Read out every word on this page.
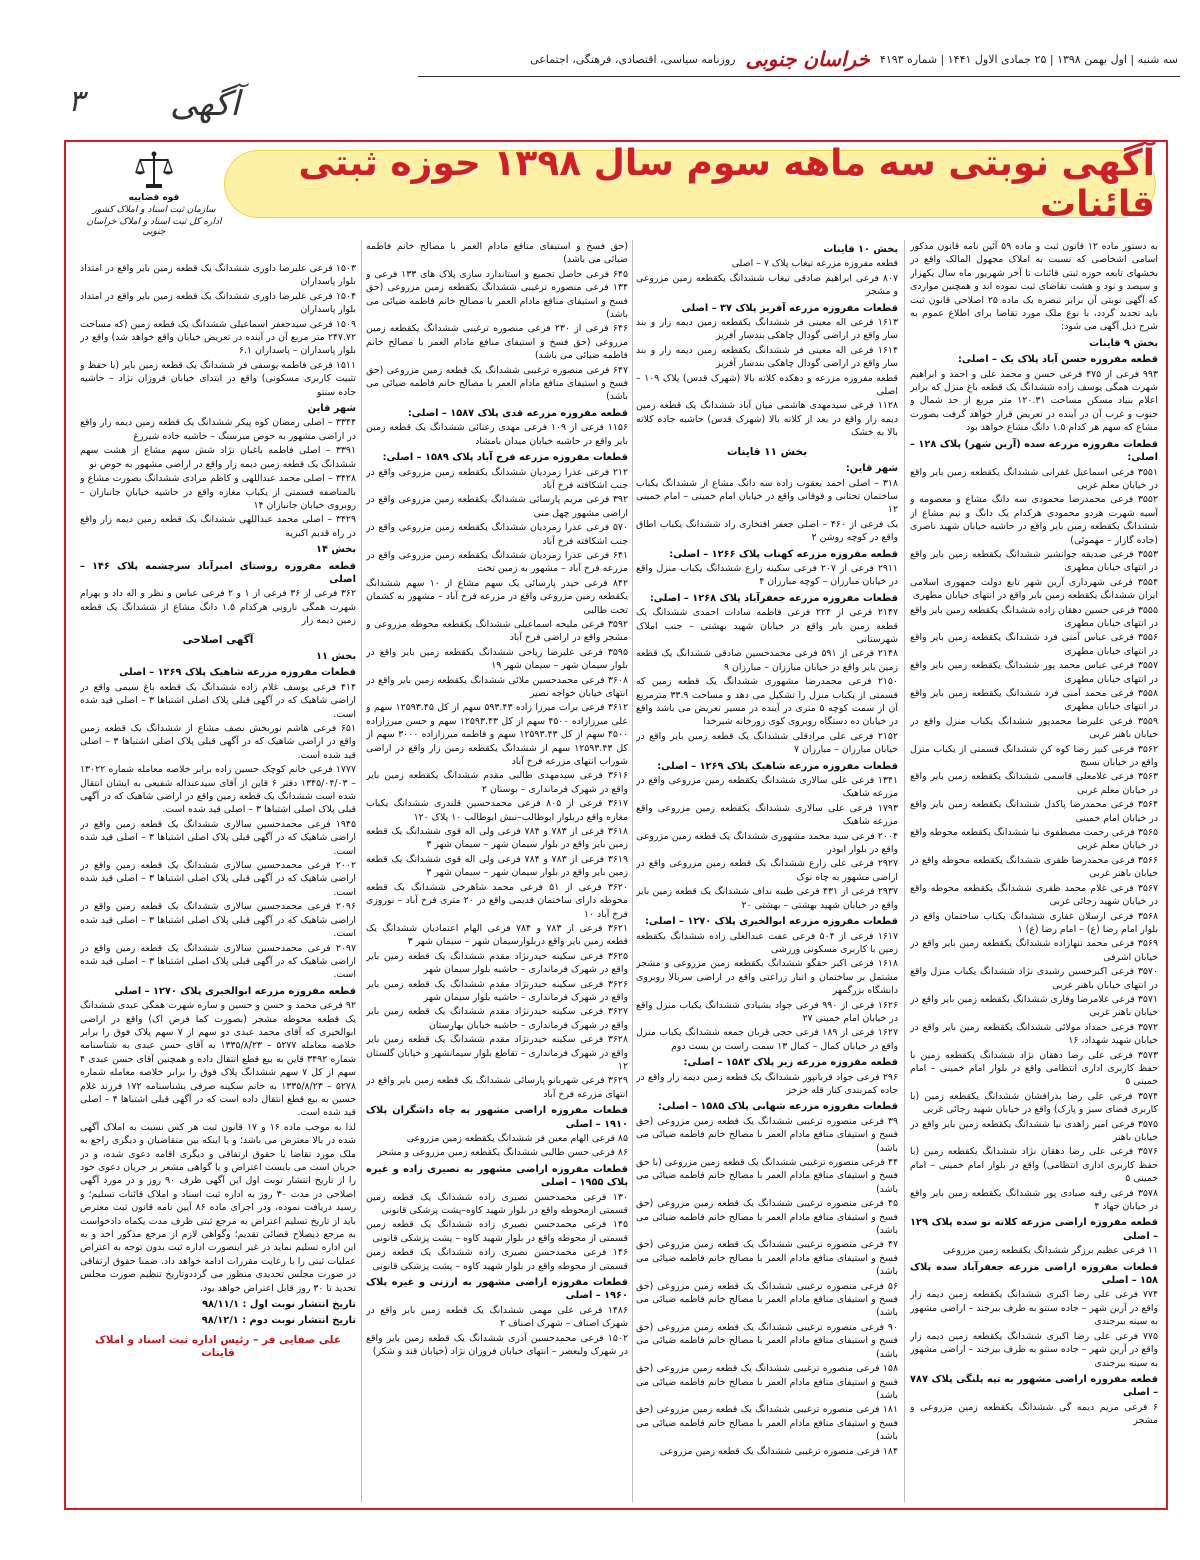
سه شنبه | اول بهمن ۱۳۹۸ | ۲۵ جمادی الاول ۱۴۴۱ | شماره ۴۱۹۳
خراسان جنوبی
روزنامه سیاسی، اقتصادی، فرهنگی، اجتماعی
۳	آگهی
آگهی نوبتی سه ماهه سوم سال ۱۳۹۸ حوزه ثبتی قائنات
قوه قضاییه
سازمان ثبت اسناد و املاک کشور
اداره کل ثبت اسناد و املاک خراسان جنوبی
به دستور ماده ۱۲ قانون ثبت و ماده ۵۹ آئین نامه قانون مذکور اسامی اشخاصی که نسبت به املاک مجهول المالک واقع در بخشهای تابعه حوزه ثبتی قائنات تا آخر شهریور ماه سال یکهزار و سیصد و نود و هشت تقاضای ثبت نموده اند و همچنین مواردی که آگهی نوبتی آن برابر تبصره یک ماده ۲۵ اصلاحی قانون ثبت باید تجدید گردد، با نوع ملک مورد تقاضا برای اطلاع عموم به شرح ذیل آگهی می شود:
بخش ۹ قاینات
قطعه مفروزه حسن آباد پلاک یک – اصلی:
۹۹۳ فرعی از ۴۷۵ فرعی حسن و محمد علی و احمد و ابراهیم شهرت همگی یوسف زاده ششدانگ یک قطعه باغ منزل که برابر اعلام بنیاد مسکن مساحت ۱۲۰.۳۱ متر مربع از حد شمال و جنوب و غرب آن در آینده در تعریض قرار خواهد گرفت بصورت مشاع که سهم هر کدام ۱.۵ دانگ مشاع خواهد بود
قطعات مفروزه مزرعه سده (آرین شهر) پلاک ۱۲۸ – اصلی:
۳۵۵۱ فرعی اسماعیل غفرانی ششدانگ یکقطعه زمین بایر واقع در خیابان معلم غربی
۳۵۵۲ فرعی محمدرضا محمودی سه دانگ مشاع و معصومه و آسیه شهرت هردو محمودی هرکدام یک دانگ و نیم مشاع از ششدانگ یکقطعه زمین بایر واقع در حاشیه خیابان شهید ناصری (جاده گازار – مهموئی)
۳۵۵۳ فرعی صدیقه جوانشیر ششدانگ یکقطعه زمین بایر واقع در انتهای خیابان مطهری
۳۵۵۴ فرعی شهرداری آرین شهر تابع دولت جمهوری اسلامی ایران ششدانگ یکقطعه زمین بایر واقع در انتهای خیابان مطهری
۳۵۵۵ فرعی حسین دهقان زاده ششدانگ یکقطعه زمین بایر واقع در انتهای خیابان مطهری
۳۵۵۶ فرعی عباس آمنی فرد ششدانگ یکقطعه زمین بایر واقع در انتهای خیابان مطهری
۳۵۵۷ فرعی عباس محمد پور ششدانگ یکقطعه زمین بایر واقع در انتهای خیابان مطهری
۳۵۵۸ فرعی محمد آمنی فرد ششدانگ یکقطعه زمین بایر واقع در انتهای خیابان مطهری
۳۵۵۹ فرعی علیرضا محمدپور ششدانگ یکباب منزل واقع در خیابان باهنر غربی
۳۵۶۲ فرعی کنیز رضا کوه کن ششدانگ قسمتی از یکباب منزل واقع در خیابان بسیج
۳۵۶۳ فرعی غلامعلی قاسمی ششدانگ یکقطعه زمین بایر واقع در خیابان معلم غربی
۳۵۶۴ فرعی محمدرضا پاکدل ششدانگ یکقطعه زمین بایر واقع در خیابان امام خمینی
۳۵۶۵ فرعی رحمت مصطفوی نیا ششدانگ یکقطعه محوطه واقع در خیابان معلم غربی
۳۵۶۶ فرعی محمدرضا ظفری ششدانگ یکقطعه محوطه واقع در خیابان باهنر غربی
۳۵۶۷ فرعی غلام محمد ظفری ششدانگ یکقطعه محوطه واقع در خیابان شهید رجائی غربی
۳۵۶۸ فرعی ارسلان غفاری ششدانگ یکباب ساختمان واقع در بلوار امام رضا (ع) – امام رضا (ع) ۱
۳۵۶۹ فرعی محمد تنهازاده ششدانگ یکقطعه زمین بایر واقع در خیابان اشرفی
۳۵۷۰ فرعی اکبرحسین رشیدی نژاد ششدانگ یکباب منزل واقع در انتهای خیابان باهنر غربی
۳۵۷۱ فرعی غلامرضا وفاری ششدانگ یکقطعه زمین بایر واقع در خیابان باهنر غربی
۳۵۷۲ فرعی حمداد مولائی ششدانگ یکقطعه زمین بایر واقع در خیابان شهید شهداد، ۱۶
۳۵۷۳ فرعی علی رضا دهقان نژاد ششدانگ یکقطعه زمین با حفظ کاربری اداری انتظامی واقع در بلوار امام خمینی – امام خمینی ۵
۳۵۷۴ فرعی علی رضا بذرافشان ششدانگ یکقطعه زمین (با کاربری فضای سبز و پارک) واقع در خیابان شهید رجائی غربی
۳۵۷۵ فرعی امیر زاهدی نیا ششدانگ یکقطعه زمین بایر واقع در خیابان باهنر
۳۵۷۶ فرعی علی رضا دهقان نژاد ششدانگ یکقطعه زمین (با حفظ کاربری اداری انتظامی) واقع در بلوار امام خمینی – امام خمینی ۵
۳۵۷۸ فرعی رقیه صیادی پور ششدانگ یکقطعه زمین بایر واقع در خیابان جهاد ۴
قطعه مفروزه اراضی مزرعه کلاته نو سده پلاک ۱۲۹ – اصلی
۱۱ فرعی عظیم برزگر ششدانگ یکقطعه زمین مزروعی
قطعات مفروزه اراضی مزرعه جعفرآباد سده پلاک ۱۵۸ – اصلی
۷۷۴ فرعی علی رضا اکبری ششدانگ یکقطعه زمین دیمه زار واقع در آرین شهر – جاده سنتو به طرف بیرجند – اراضی مشهور به سینه بیرجندی
۷۷۵ فرعی علی رضا اکبری ششدانگ یکقطعه زمین دیمه زار واقع در آرین شهر – جاده سنتو به طرف بیرجند – اراضی مشهور به سینه بیرجندی
قطعه مفروزه اراضی مشهور به تپه پلنگی پلاک ۷۸۷ – اصلی
۶ فرعی مریم دیمه گی ششدانگ یکقطعه زمین مزروعی و مشجر
بخش ۱۰ قاینات
قطعه مفروزه مزرعه تیغاب پلاک ۷ – اصلی
۸۰۷ فرعی ابراهیم صادقی تیغاب ششدانگ یکقطعه زمین مزروعی و مشجر
قطعات مفروزه مزرعه آفریز پلاک ۳۷ – اصلی
۱۶۱۳ فرعی اله معینی فر ششدانگ یکقطعه زمین دیمه زار و بند سار واقع در اراضی گودال چاهکی بندسار آفریز
۱۶۱۴ فرعی اله معینی فر ششدانگ یکقطعه زمین دیمه زار و بند سار واقع در اراضی گودال چاهکی بندسار آفریز
قطعه مفروزه مزرعه و دهکده کلاته بالا (شهرک قدس) پلاک ۱۰۹ – اصلی
۱۱۲۸ فرعی سیدمهدی هاشمی میان آباد ششدانگ یک قطعه زمین دیمه زار واقع در بعد از کلاته بالا (شهرک قدس) حاشیه جاده کلاته بالا به خشک
بخش ۱۱ قاینات
شهر قاین:
۳۱۸ – اصلی احمد یعقوب زاده سه دانگ مشاع از ششدانگ یکباب ساختمان تحتانی و فوقانی واقع در خیابان امام خمینی – امام خمینی ۱۲
یک فرعی از ۴۶۰ – اصلی جعفر افتخاری راد ششدانگ یکباب اطاق واقع در کوچه روشن ۲
قطعه مفروزه مزرعه کهناب پلاک ۱۲۶۶ – اصلی:
۲۹۱۱ فرعی از ۲۰۷ فرعی سکینه زارع ششدانگ یکباب منزل واقع در خیابان مبارزان – کوچه مبارزان ۴
قطعات مفروزه مزرعه جعفرآباد پلاک ۱۲۶۸ – اصلی:
۲۱۴۷ فرعی از ۲۲۴ فرعی فاطمه سادات احمدی ششدانگ یک قطعه زمین بایر واقع در خیابان شهید بهشتی – جنب املاک شهرستانی
۲۱۴۸ فرعی از ۵۹۱ فرعی محمدحسین صادقی ششدانگ یک قطعه زمین بایر واقع در خیابان مبارزان – مبارزان ۹
۲۱۵۰ فرعی محمدرضا مشهوری ششدانگ یک قطعه زمین که قسمتی از یکباب منزل را تشکیل می دهد و مساحت ۳۳.۹ مترمربع آن از سمت کوچه ۵ متری در آینده در مسیر تعریض می باشد واقع در خیابان ده دستگاه روبروی کوی زورخانه شیرخدا
۲۱۵۲ فرعی علی مرادقلی ششدانگ یک قطعه زمین بایر واقع در خیابان مبارزان – مبارزان ۷
قطعات مفروزه مزرعه شاهیک پلاک ۱۲۶۹ – اصلی:
۱۳۴۱ فرعی علی سالاری ششدانگ یکقطعه زمین مزروعی واقع در مزرعه شاهیک
۱۷۹۳ فرعی علی سالاری ششدانگ یکقطعه زمین مزروعی واقع مزرعه شاهیک
۲۰۰۴ فرعی سید محمد مشهوری ششدانگ یک قطعه زمین مزروعی واقع در بلوار ابوذر
۲۹۲۷ فرعی علی زارع ششدانگ یک قطعه زمین مزروعی واقع در اراضی مشهور به چاه نوک
۲۹۳۷ فرعی از ۴۳۱ فرعی طیبه نداف ششدانگ یک قطعه زمین بایر واقع در خیابان شهید بهشتی – بهشتی ۲۰
قطعات مفروزه مزرعه ابوالخیری پلاک ۱۲۷۰ – اصلی:
۱۶۱۷ فرعی از ۵۰۴ فرعی عفت عبدالعلی زاده ششدانگ یکقطعه زمین با کاربری مسکونی ورزشی
۱۶۱۸ فرعی اکبر حقگو ششدانگ یکقطعه زمین مزروعی و مشجر مشتمل بر ساختمان و انبار زراعتی واقع در اراضی سربالا روبروی دانشگاه بزرگمهر
۱۶۲۶ فرعی از ۹۹۰ فرعی جواد بشیادی ششدانگ یکباب منزل واقع در خیابان امام خمینی ۲۷
۱۶۲۷ فرعی از ۱۸۹ فرعی حجی قربان جمعه ششدانگ یکباب منزل واقع در خیابان کمال – کمال ۱۳ سمت راست بن بست دوم
قطعه مفروزه مزرعه زیر پلاک ۱۵۸۳ – اصلی:
۲۹۶ فرعی جواد قربانپور ششدانگ یک قطعه زمین دیمه زار واقع در جاده کمربندی کنار قله خزخز
قطعات مفروزه مزرعه شهابی پلاک ۱۵۸۵ – اصلی:
۳۹ فرعی منصوره ترغیبی ششدانگ یک قطعه زمین مزروعی (حق فسخ و استیفای منافع مادام العمر با مصالح خانم فاطمه ضیائی می باشد)
۴۴ فرعی منصوره ترغیبی ششدانگ یک قطعه زمین مزروعی (با حق فسخ و استیفای منافع مادام العمر با مصالح خانم فاطمه ضیائی می باشد)
۴۵ فرعی منصوره ترغیبی ششدانگ یک قطعه زمین مزروعی (حق فسخ و استیفای منافع مادام العمر با مصالح خانم فاطمه ضیائی می باشد)
۴۷ فرعی منصوره ترغیبی ششدانگ یک قطعه زمین مزروعی (حق فسخ و استیفای منافع مادام العمر با مصالح خانم فاطمه ضیائی می باشد)
۵۶ فرعی منصوره ترغیبی ششدانگ یک قطعه زمین مزروعی (حق فسخ و استیفای منافع مادام العمر با مصالح خانم فاطمه ضیائی می باشد)
۹۰ فرعی منصوره ترغیبی ششدانگ یک قطعه زمین مزروعی (حق فسخ و استیفای منافع مادام العمر با مصالح خانم فاطمه ضیائی می باشد)
۱۵۸ فرعی منصوره ترغیبی ششدانگ یک قطعه زمین مزروعی (حق فسخ و استیفای منافع مادام العمر با مصالح خانم فاطمه ضیائی می باشد)
۱۸۱ فرعی منصوره ترغیبی ششدانگ یک قطعه زمین مزروعی (حق فسخ و استیفای منافع مادام العمر با مصالح خانم فاطمه ضیائی می باشد)
۱۸۴ فرعی منصوره ترغیبی ششدانگ یک قطعه زمین مزروعی
(حق فسخ و استیفای منافع مادام العمر با مصالح خانم فاطمه ضیائی می باشد)
۶۴۵ فرعی حاصل تجمیع و استاندارد سازی پلاک های ۱۳۳ فرعی و ۱۳۴ فرعی منصوره ترغیبی ششدانگ یکقطعه زمین مزروعی (حق فسخ و استیفای منافع مادام العمر با مصالح خانم فاطمه ضیائی می باشد)
۶۴۶ فرعی از ۲۳۰ فرعی منصوره ترغیبی ششدانگ یکقطعه زمین مزروعی (حق فسخ و استیفای منافع مادام العمر با مصالح خانم فاطمه ضیائی می باشد)
۶۴۷ فرعی منصوره ترغیبی ششدانگ یک قطعه زمین مزروعی (حق فسخ و استیفای منافع مادام العمر با مصالح خانم فاطمه ضیائی می باشد)
قطعه مفروزه مزرعه قدی پلاک ۱۵۸۷ – اصلی:
۱۱۵۶ فرعی از ۱۰۹ فرعی مهدی رعنائی ششدانگ یک قطعه زمین بایر واقع در حاشیه خیابان میدان بامشاد
قطعات مفروزه مزرعه فرخ آباد پلاک ۱۵۸۹ – اصلی:
۲۱۲ فرعی عذرا زمردیان ششدانگ یکقطعه زمین مزروعی واقع در جنب اشکافته فرخ آباد
۳۹۲ فرعی مریم پارسائی ششدانگ یکقطعه زمین مزروعی واقع در اراضی مشهور چهل منی
۵۷۰ فرعی عذرا زمردیان ششدانگ یکقطعه زمین مزروعی واقع در جنب اشکافته فرخ آباد
۶۴۱ فرعی عذرا زمردیان ششدانگ یکقطعه زمین مزروعی واقع در مزرعه فرخ آباد – مشهور به زمین تخت
۸۴۲ فرعی حیدر پارسائی یک سهم مشاع از ۱۰ سهم ششدانگ یکقطعه زمین مزروعی واقع در مزرعه فرخ آباد – مشهور به کشمان تخت طالبی
۳۵۹۲ فرعی ملیحه اسماعیلی ششدانگ یکقطعه محوطه مزروعی و مشجر واقع در اراضی فرخ آباد
۳۵۹۵ فرعی علیرضا ریاحی ششدانگ یکقطعه زمین بایر واقع در بلوار سیمان شهر – سیمان شهر ۱۹
۳۶۰۸ فرعی محمدحسین ملائی ششدانگ یکقطعه زمین بایر واقع در انتهای خیابان خواجه نصیر
۳۶۱۲ فرعی برات میرزا زاده ۵۹۳.۴۳ سهم از کل ۱۲۵۹۳.۴۵ سهم و علی میرزازاده ۴۵۰۰ سهم از کل ۱۲۵۹۳.۴۳ سهم و حسن میرزازاده ۴۵۰۰ سهم از کل ۱۲۵۹۳.۴۳ سهم و فاطمه میرزازاده ۳۰۰۰ سهم از کل ۱۲۵۹۳.۴۳ سهم از ششدانگ یکقطعه زمین زار واقع در اراضی شوراب انتهای مزرعه فرخ آباد
۳۶۱۶ فرعی سیدمهدی طالبی مقدم ششدانگ یکقطعه زمین بایر واقع در شهرک فرمانداری – بوستان ۲
۳۶۱۷ فرعی از ۸۰۵ فرعی محمدحسین قلندری ششدانگ یکباب مغازه واقع دربلوار ابوطالب–نبش ابوطالب ۱۰ پلاک ۱۲۰
۳۶۱۸ فرعی از ۷۸۳ و ۷۸۴ فرعی ولی اله قوی ششدانگ یک قطعه زمین بایر واقع در بلوار سیمان شهر – سیمان شهر ۳
۳۶۱۹ فرعی از ۷۸۳ و ۷۸۴ فرعی ولی اله قوی ششدانگ یک قطعه زمین بایر واقع در بلوار سیمان شهر – سیمان شهر ۳
۳۶۲۰ فرعی از ۵۱ فرعی محمد شاهرخی ششدانگ یک قطعه محوطه دارای ساختمان قدیمی واقع در ۲۰ متری فرخ آباد – نوروزی فرخ آباد ۱۰
۳۶۲۱ فرعی از ۷۸۳ و ۷۸۴ فرعی الهام اعتمادیان ششدانگ یک قطعه زمین بایر واقع دربلوارسیمان شهر – سیمان شهر ۳
۳۶۲۵ فرعی سکینه حیدرنژاد مقدم ششدانگ یک قطعه زمین بایر واقع در شهرک فرمانداری – حاشیه بلوار سیمان شهر
۳۶۲۶ فرعی سکینه حیدرنژاد مقدم ششدانگ یک قطعه زمین بایر واقع در شهرک فرمانداری – حاشیه بلوار سیمان شهر
۳۶۲۷ فرعی سکینه حیدرنژاد مقدم ششدانگ یک قطعه زمین بایر واقع در شهرک فرمانداری – حاشیه خیابان بهارستان
۳۶۲۸ فرعی سکینه حیدرنژاد مقدم ششدانگ یک قطعه زمین بایر واقع در شهرک فرمانداری – تقاطع بلوار سیمانشهر و خیابان گلستان ۱۲
۳۶۲۹ فرعی شهربانو پارسائی ششدانگ یک قطعه زمین بایر واقع در انتهای مزرعه فرخ آباد
قطعات مفروزه اراضی مشهور به چاه داشگران پلاک ۱۹۱۰ – اصلی
۸۵ فرعی الهام معین فر ششدانگ یکقطعه زمین مزروعی
۸۶ فرعی حسن طالبی ششدانگ یکقطعه زمین مزروعی و مشجر
قطعات مفروزه اراضی مشهور به نصیری زاده و غیره پلاک ۱۹۵۵ – اصلی
۱۳۰ فرعی محمدحسن نصیری زاده ششدانگ یک قطعه زمین قسمتی ازمحوطه واقع در بلوار شهید کاوه–پشت پزشکی قانونی
۱۴۵ فرعی محمدحسن نصیری زاده ششدانگ یک قطعه زمین قسمتی از محوطه واقع در بلوار شهید کاوه – پشت پزشکی قانونی
۱۴۶ فرعی محمدحسن نصیری زاده ششدانگ یک قطعه زمین قسمتی از محوطه واقع در بلوار شهید کاوه – پشت پزشکی قانونی
قطعات مفروزه اراضی مشهور به ارزنی و غیره پلاک ۱۹۶۰ – اصلی
۱۴۸۶ فرعی علی مهمی ششدانگ یک قطعه زمین بایر واقع در شهرک اصناف – شهرک اصناف ۲
۱۵۰۲ فرعی محمدحسین آذری ششدانگ یک قطعه زمین بایر واقع در شهرک ولیعصر – انتهای خیابان فروزان نژاد (خیابان قند و شکر)
۱۵۰۳ فرعی علیرضا داوری ششدانگ یک قطعه زمین بایر واقع در امتداد بلوار پاسداران
۱۵۰۴ فرعی علیرضا داوری ششدانگ یک قطعه زمین بایر واقع در امتداد بلوار پاسداران
۱۵۰۹ فرعی سیدجعفر اسماعیلی ششدانگ یک قطعه زمین (که مساحت ۲۴۷.۷۲ متر مربع آن در آینده در تعریض خیابان واقع خواهد شد) واقع در بلوار پاسداران – پاسداران ۶.۱
۱۵۱۱ فرعی فاطمه یوسفی فر ششدانگ یک قطعه زمین بایر (با حفظ و تثبیت کاربری مسکونی) واقع در ابتدای خیابان فروزان نژاد – حاشیه جاده سنتو
شهر قاین
۳۳۴۴ – اصلی رمضان کوه پیکر ششدانگ یک قطعه زمین دیمه زار واقع در اراضی مشهور به حوض میرسنگ – حاشیه جاده شیررغ
۳۳۹۱ – اصلی فاطمه باغبان نژاد شش سهم مشاع از هشت سهم ششدانگ یک قطعه زمین دیمه زار واقع در اراضی مشهور به حوض نو
۳۴۲۸ – اصلی محمد عبداللهی و کاظم مرادی ششدانگ بصورت مشاع و بالمناصفه قسمتی از یکباب مغازه واقع در حاشیه خیابان جانبازان – روبروی خیابان جانبازان ۱۴
۳۴۲۹ – اصلی محمد عبداللهی ششدانگ یک قطعه زمین دیمه زار واقع در راه قدیم اکبریه
بخش ۱۴
قطعه مفروزه روستای امیرآباد سرچشمه پلاک ۱۴۶ – اصلی
۳۶۲ فرعی از ۳۶ فرعی از ۱ و ۲ فرعی عباس و نظر و اله داد و بهرام شهرت همگی نارونی هرکدام ۱.۵ دانگ مشاع از ششدانگ یک قطعه زمین دیمه زار
آگهی اصلاحی
بخش ۱۱
قطعات مفروزه مزرعه شاهیک پلاک ۱۲۶۹ – اصلی
۴۱۴ فرعی یوسف غلام زاده ششدانگ یک قطعه باغ سیمی واقع در اراضی شاهیک که در آگهی قبلی پلاک اصلی اشتباها ۳ – اصلی قید شده است.
۶۵۱ فرعی هاشم نوربخش نصف مشاع از ششدانگ یک قطعه زمین واقع در اراضی شاهیک که در آگهی قبلی پلاک اصلی اشتباها ۳ – اصلی قید شده است.
۱۷۷۷ فرعی خانم کوچک حسین زاده برابر خلاصه معامله شماره ۱۳۰۲۲ – ۱۳۴۵/۰۴/۰۳ دفتر ۶ قاین از آقای سیدعبداله شفیعی به ایشان انتقال شده است ششدانگ یک قطعه زمین واقع در اراضی شاهیک که در آگهی قبلی پلاک اصلی اشتباها ۳ – اصلی قید شده است.
۱۹۴۵ فرعی محمدحسین سالاری ششدانگ یک قطعه زمین واقع در اراضی شاهیک که در آگهی قبلی پلاک اصلی اشتباها ۳ – اصلی قید شده است.
۲۰۰۲ فرعی محمدحسین سالاری ششدانگ یک قطعه زمین واقع در اراضی شاهیک که در آگهی قبلی پلاک اصلی اشتباها ۳ – اصلی قید شده است.
۲۰۹۶ فرعی محمدحسین سالاری ششدانگ یک قطعه زمین واقع در اراضی شاهیک که در آگهی قبلی پلاک اصلی اشتباها ۳ – اصلی قید شده است.
۲۰۹۷ فرعی محمدحسین سالاری ششدانگ یک قطعه زمین واقع در اراضی شاهیک که در آگهی قبلی پلاک اصلی اشتباها ۳ – اصلی قید شده است.
قطعه مفروزه مزرعه ابوالخیری پلاک ۱۲۷۰ – اصلی
۹۲ فرعی محمد و حسن و حسین و ساره شهرت همگی عبدی ششدانگ یک قطعه محوطه مشجر (بصورت کما فرض اک) واقع در اراضی ابوالخیری که آقای محمد عبدی دو سهم از ۷ سهم پلاک فوق را برابر خلاصه معامله ۵۲۷۷ – ۱۳۳۵/۸/۲۳ به آقای حسن عبدی به شناسنامه شماره ۳۴۹۲ قاین به بیع قطع انتقال داده و همچنین آقای حسن عبدی ۴ سهم از کل ۷ سهم ششدانگ پلاک فوق را برابر خلاصه معامله شماره ۵۲۷۸ – ۱۳۳۵/۸/۲۳ به خانم سکینه صرفی بشناسنامه ۱۷۲ فرزند غلام حسین به بیع قطع انتقال داده است که در آگهی قبلی اشتباها ۴ – اصلی قید شده است.
لذا به موجب ماده ۱۶ و ۱۷ قانون ثبت هر کس نسبت به املاک آگهی شده در بالا معترض می باشد؛ و یا اینکه بین متقاضیان و دیگری راجع به ملک مورد تقاضا یا حقوق ارتفاقی و دیگری اقامه دعوی شده، و در جریان است می بایست اعتراض و یا گواهی مشعر بر جریان دعوی خود را از تاریخ انتشار نوبت اول این آگهی ظرف ۹۰ روز و در مورد آگهی اصلاحی در مدت ۳۰ روز به اداره ثبت اسناد و املاک قائنات تسلیم؛ و رسید دریافت نموده، ودر اجرای ماده ۸۶ آیین نامه قانون ثبت معترض باید از تاریخ تسلیم اعتراض به مرجع ثبتی ظرف مدت یکماه دادخواست به مرجع ذیصلاح قضائی تقدیم؛ وگواهی لازم از مرجع مذکور اخذ و به این اداره تسلیم نماید در غیر اینصورت اداره ثبت بدون توجه به اعتراض عملیات ثبتی را با رعایت مقررات ادامه خواهد داد. ضمنا حقوق ارتفاقی در صورت مجلس تحدیدی منظور می گرددوتاریخ تنظیم صورت مجلس تحدید تا ۳۰ روز قابل اعتراض خواهد بود.
تاریخ انتشار نوبت اول : ۹۸/۱۱/۱
تاریخ انتشار نوبت دوم : ۹۸/۱۲/۱
علی صفایی فر – رئیس اداره ثبت اسناد و املاک قاینات
